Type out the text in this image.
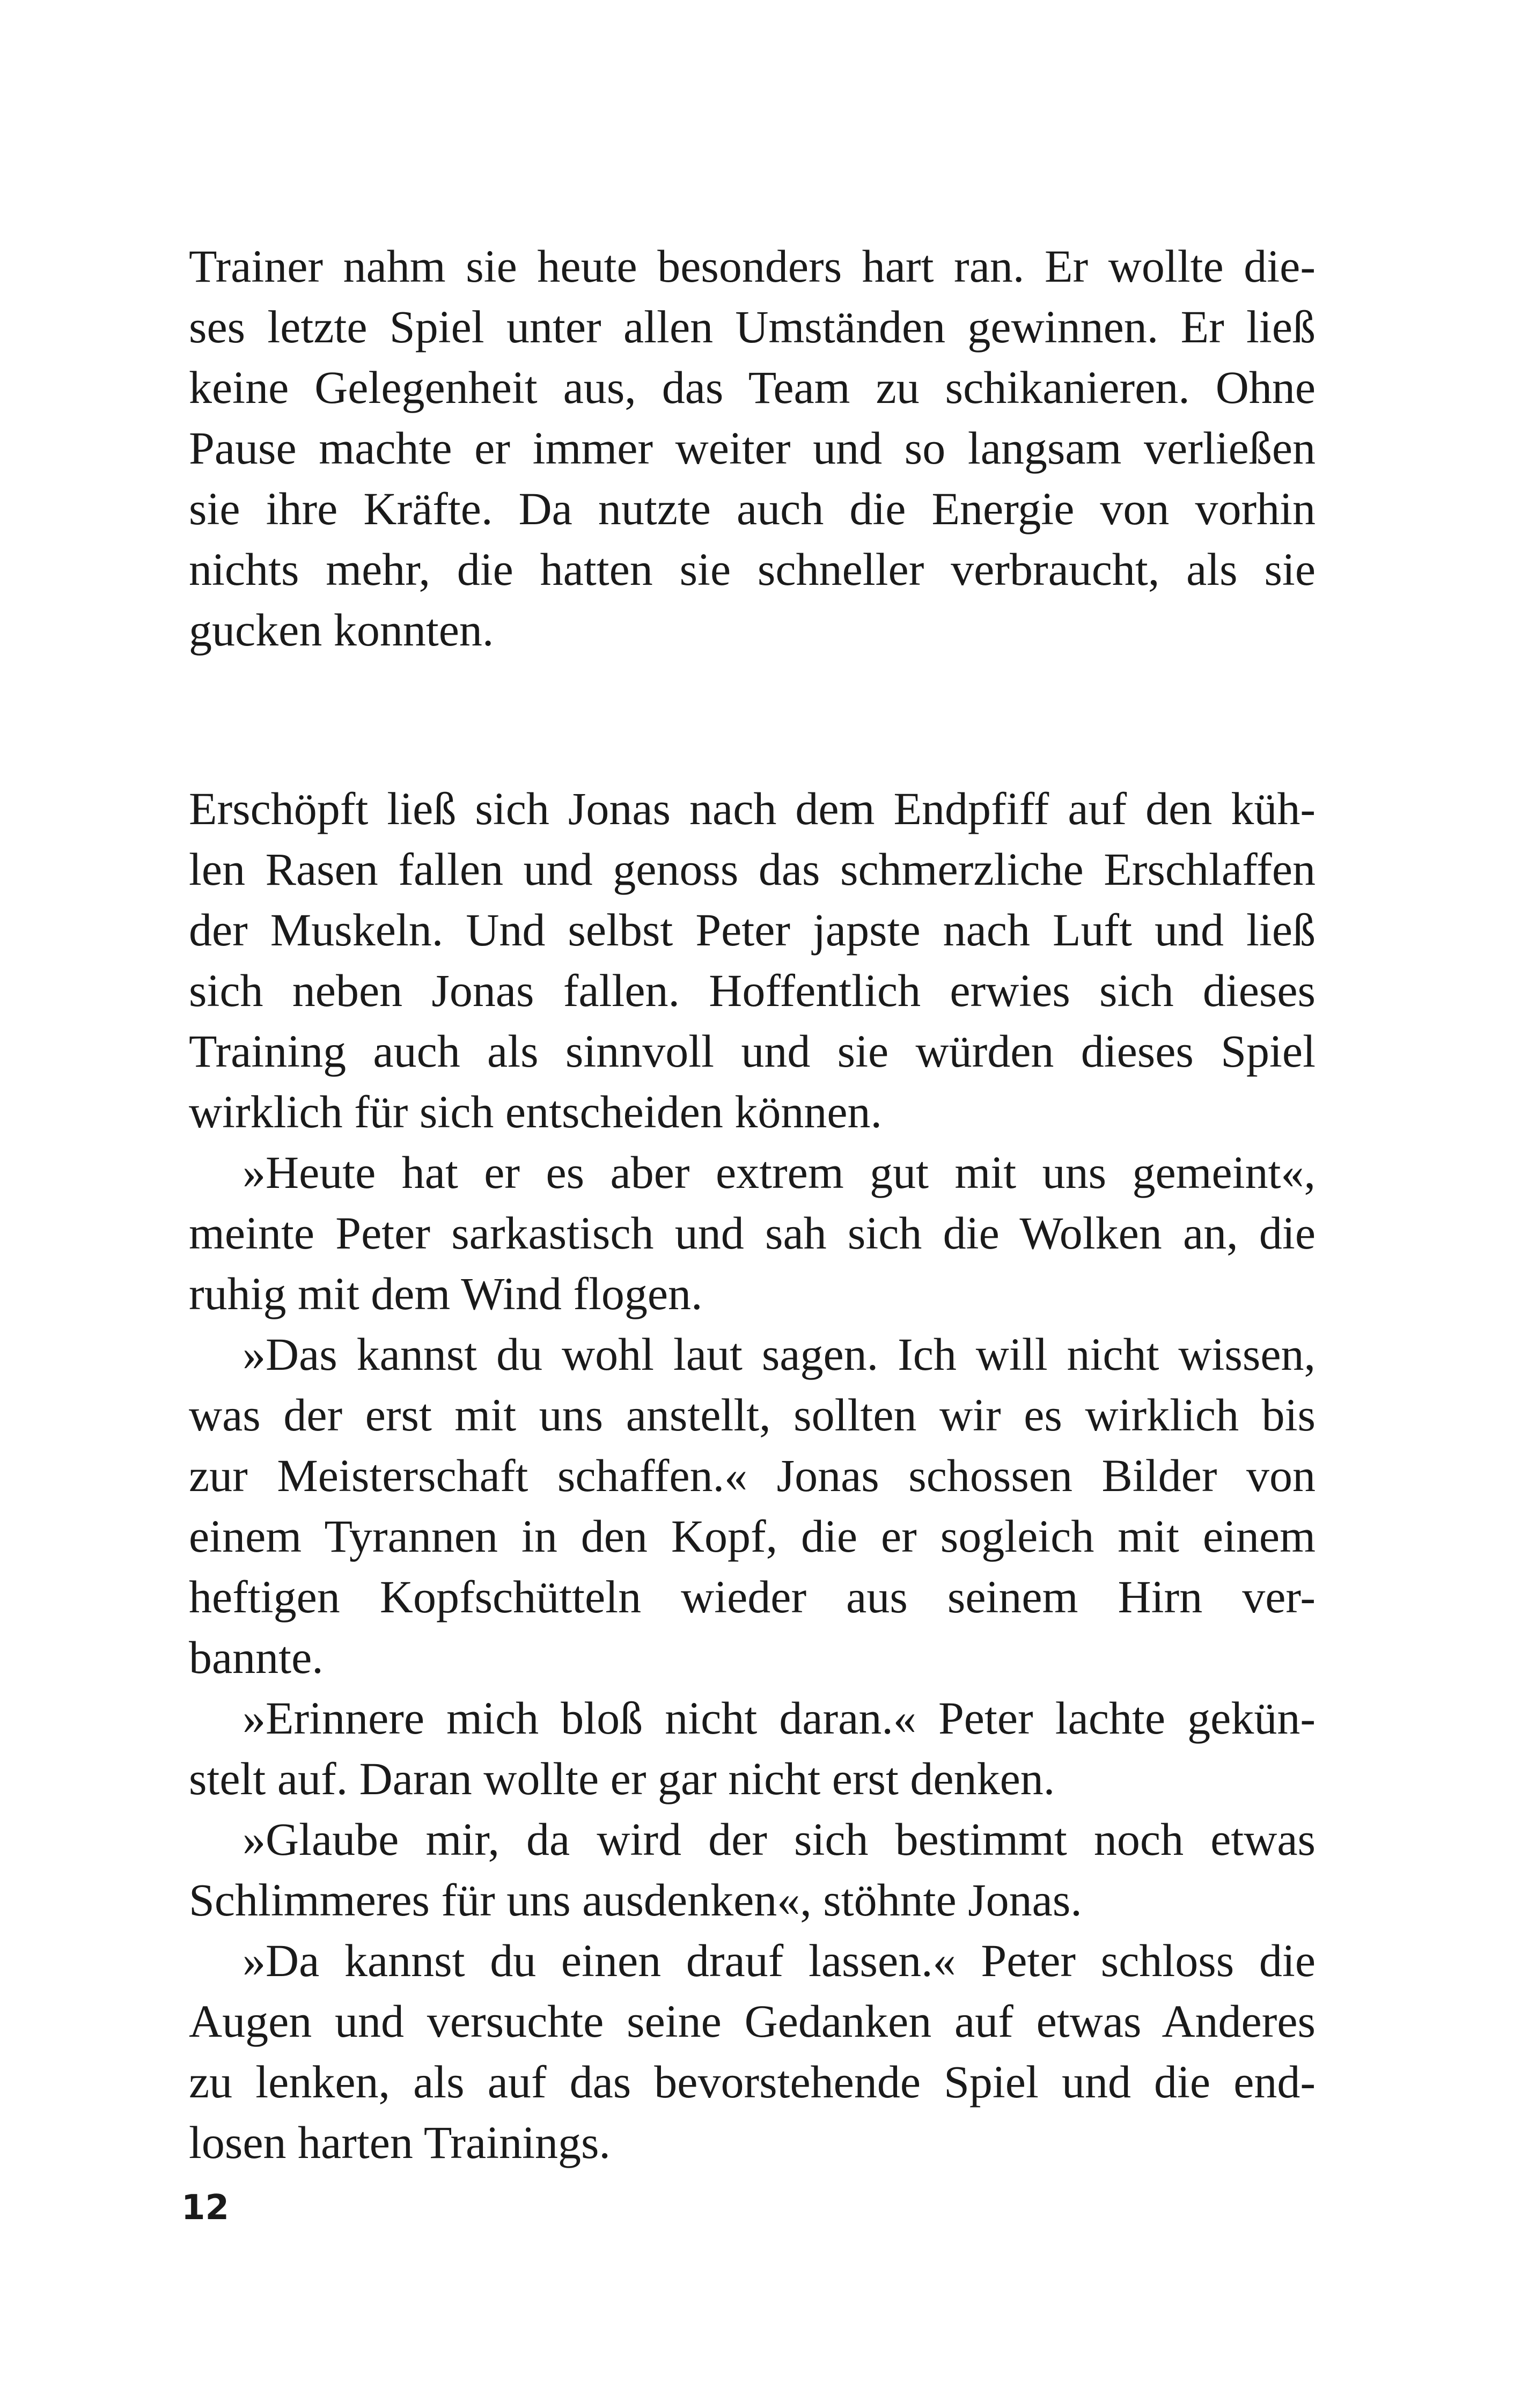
Trainer nahm sie heute besonders hart ran. Er wollte die-
ses letzte Spiel unter allen Umständen gewinnen. Er ließ
keine Gelegenheit aus, das Team zu schikanieren. Ohne
Pause machte er immer weiter und so langsam verließen
sie ihre Kräfte. Da nutzte auch die Energie von vorhin
nichts mehr, die hatten sie schneller verbraucht, als sie
gucken konnten.
Erschöpft ließ sich Jonas nach dem Endpfiff auf den küh-
len Rasen fallen und genoss das schmerzliche Erschlaffen
der Muskeln. Und selbst Peter japste nach Luft und ließ
sich neben Jonas fallen. Hoffentlich erwies sich dieses
Training auch als sinnvoll und sie würden dieses Spiel
wirklich für sich entscheiden können.
»Heute hat er es aber extrem gut mit uns gemeint«,
meinte Peter sarkastisch und sah sich die Wolken an, die
ruhig mit dem Wind flogen.
»Das kannst du wohl laut sagen. Ich will nicht wissen,
was der erst mit uns anstellt, sollten wir es wirklich bis
zur Meisterschaft schaffen.« Jonas schossen Bilder von
einem Tyrannen in den Kopf, die er sogleich mit einem
heftigen Kopfschütteln wieder aus seinem Hirn ver-
bannte.
»Erinnere mich bloß nicht daran.« Peter lachte gekün-
stelt auf. Daran wollte er gar nicht erst denken.
»Glaube mir, da wird der sich bestimmt noch etwas
Schlimmeres für uns ausdenken«, stöhnte Jonas.
»Da kannst du einen drauf lassen.« Peter schloss die
Augen und versuchte seine Gedanken auf etwas Anderes
zu lenken, als auf das bevorstehende Spiel und die end-
losen harten Trainings.
12
